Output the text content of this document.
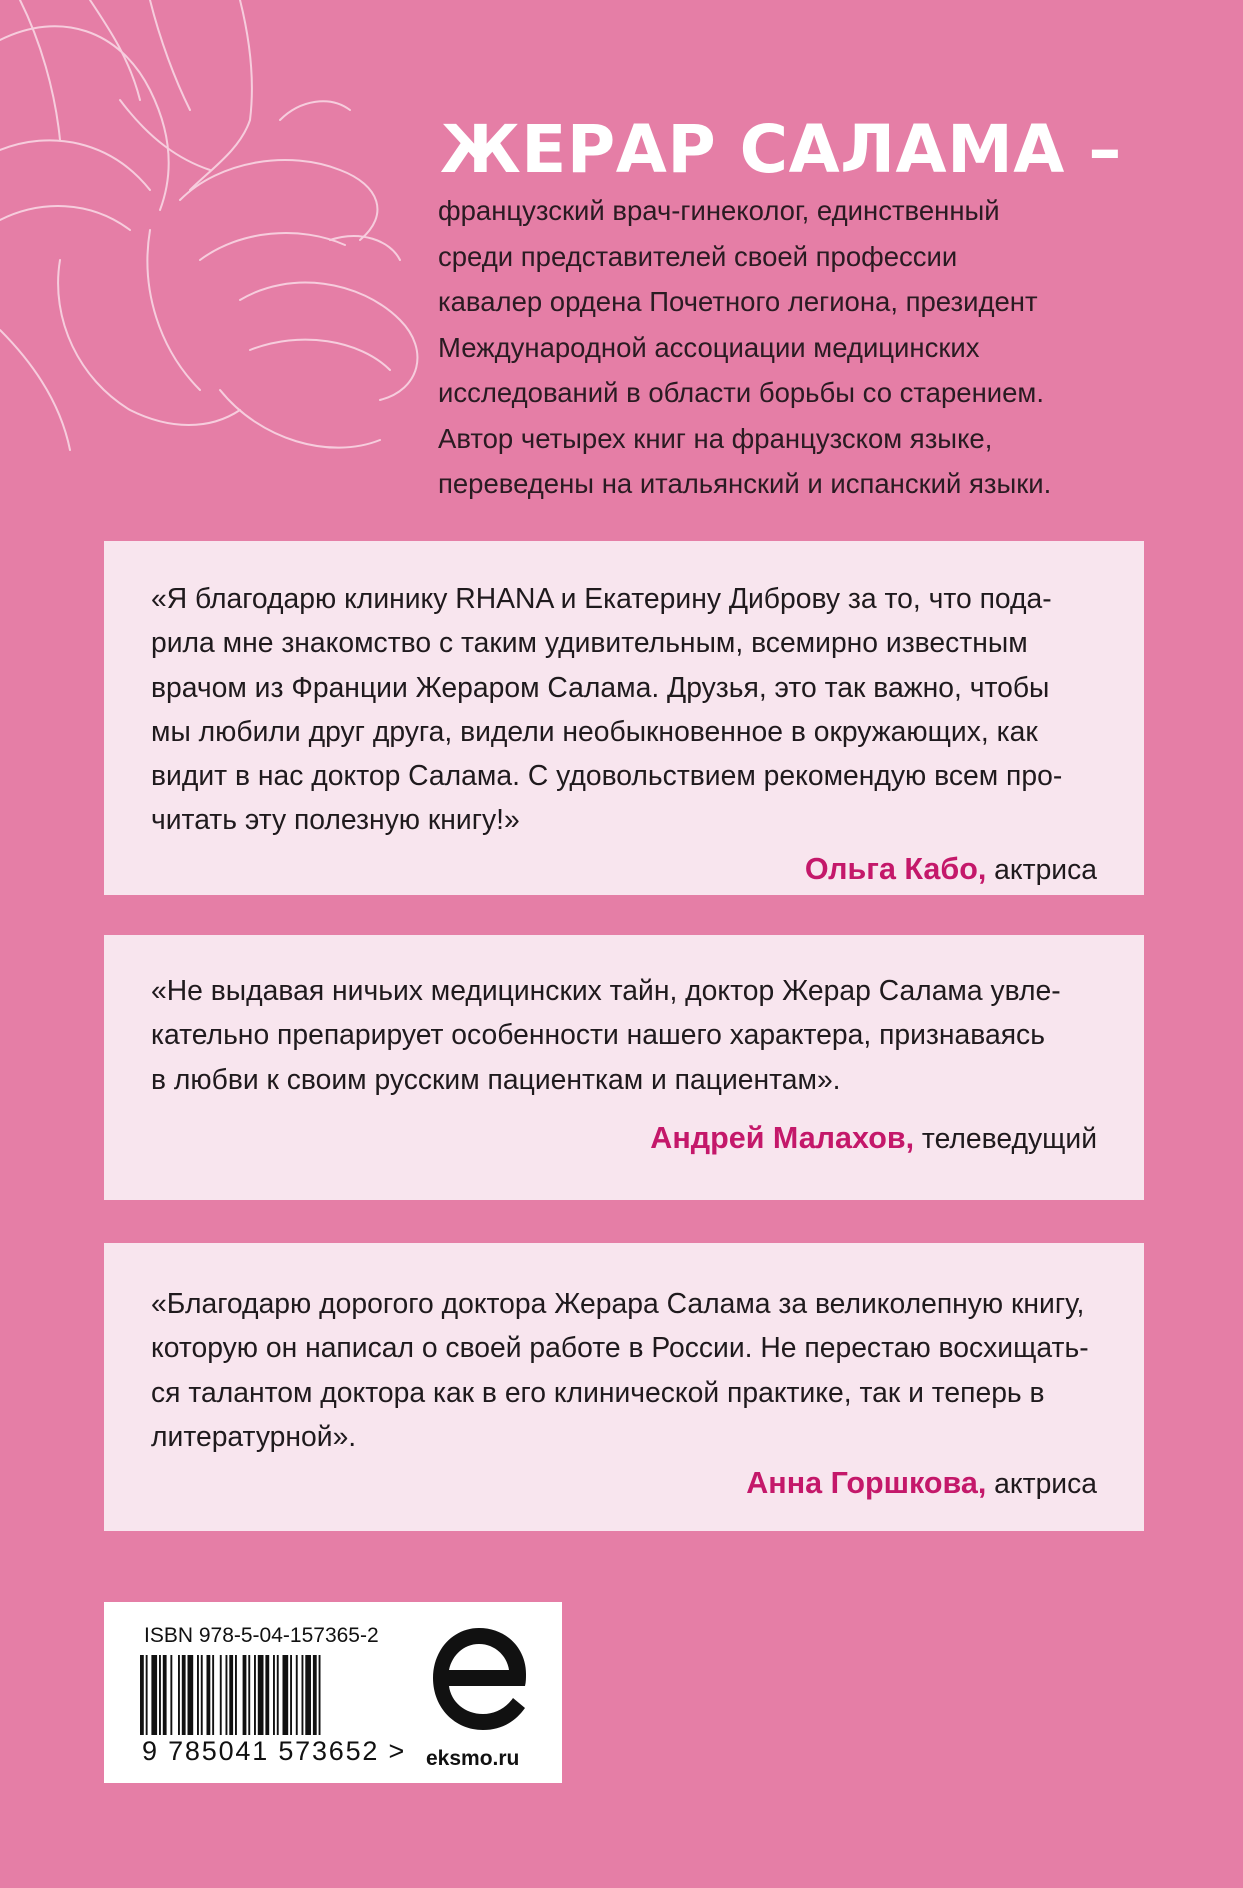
ЖЕРАР САЛАМА –
французский врач-гинеколог, единственный
среди представителей своей профессии
кавалер ордена Почетного легиона, президент
Международной ассоциации медицинских
исследований в области борьбы со старением.
Автор четырех книг на французском языке,
переведены на итальянский и испанский языки.
«Я благодарю клинику RHANA и Екатерину Диброву за то, что пода-
рила мне знакомство с таким удивительным, всемирно известным
врачом из Франции Жераром Салама. Друзья, это так важно, чтобы
мы любили друг друга, видели необыкновенное в окружающих, как
видит в нас доктор Салама. С удовольствием рекомендую всем про-
читать эту полезную книгу!»
Ольга Кабо, актриса
«Не выдавая ничьих медицинских тайн, доктор Жерар Салама увле-
кательно препарирует особенности нашего характера, признаваясь
в любви к своим русским пациенткам и пациентам».
Андрей Малахов, телеведущий
«Благодарю дорогого доктора Жерара Салама за великолепную книгу,
которую он написал о своей работе в России. Не перестаю восхищать-
ся талантом доктора как в его клинической практике, так и теперь в
литературной».
Анна Горшкова, актриса
ISBN 978-5-04-157365-2
9 785041 573652 > eksmo.ru
